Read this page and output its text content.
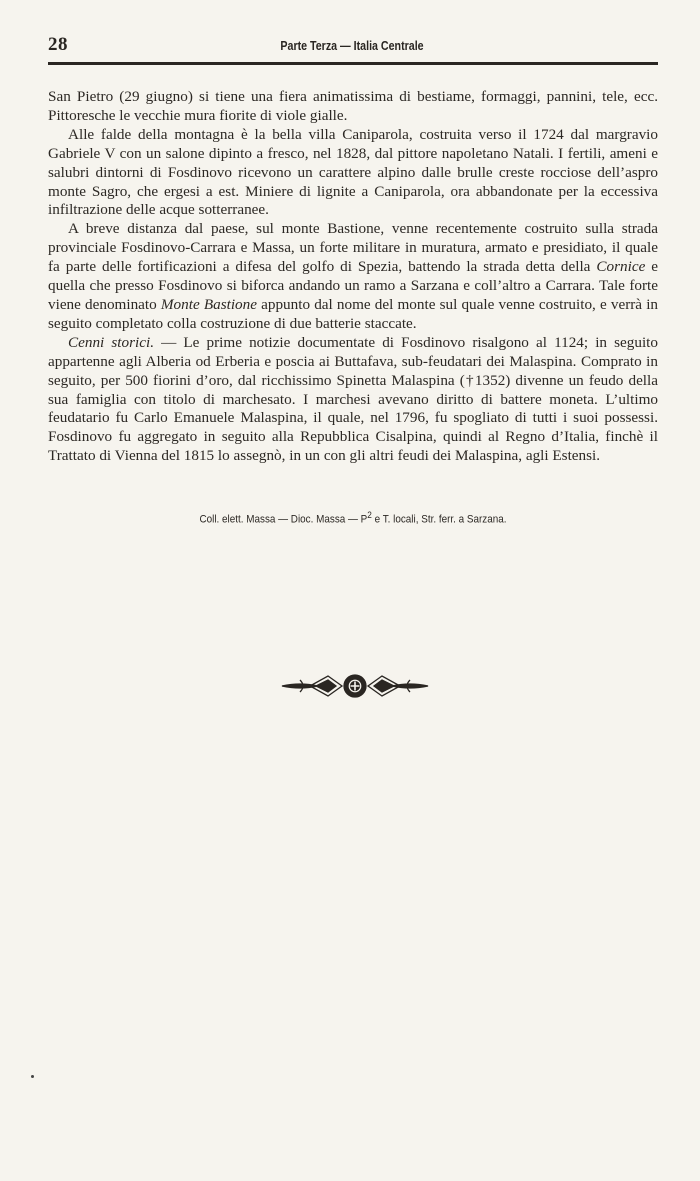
28	Parte Terza — Italia Centrale

San Pietro (29 giugno) si tiene una fiera animatissima di bestiame, formaggi, pannini, tele, ecc. Pittoresche le vecchie mura fiorite di viole gialle.

Alle falde della montagna è la bella villa Caniparola, costruita verso il 1724 dal margravio Gabriele V con un salone dipinto a fresco, nel 1828, dal pittore napoletano Natali. I fertili, ameni e salubri dintorni di Fosdinovo ricevono un carattere alpino dalle brulle creste rocciose dell’aspro monte Sagro, che ergesi a est. Miniere di lignite a Caniparola, ora abbandonate per la eccessiva infiltrazione delle acque sotterranee.

A breve distanza dal paese, sul monte Bastione, venne recentemente costruito sulla strada provinciale Fosdinovo-Carrara e Massa, un forte militare in muratura, armato e presidiato, il quale fa parte delle fortificazioni a difesa del golfo di Spezia, battendo la strada detta della Cornice e quella che presso Fosdinovo si biforca andando un ramo a Sarzana e coll’altro a Carrara. Tale forte viene denominato Monte Bastione appunto dal nome del monte sul quale venne costruito, e verrà in seguito completato colla costruzione di due batterie staccate.

Cenni storici. — Le prime notizie documentate di Fosdinovo risalgono al 1124; in seguito appartenne agli Alberia od Erberia e poscia ai Buttafava, sub-feudatari dei Malaspina. Comprato in seguito, per 500 fiorini d’oro, dal ricchissimo Spinetta Malaspina (†1352) divenne un feudo della sua famiglia con titolo di marchesato. I marchesi avevano diritto di battere moneta. L’ultimo feudatario fu Carlo Emanuele Malaspina, il quale, nel 1796, fu spogliato di tutti i suoi possessi. Fosdinovo fu aggregato in seguito alla Repubblica Cisalpina, quindi al Regno d’Italia, finchè il Trattato di Vienna del 1815 lo assegnò, in un con gli altri feudi dei Malaspina, agli Estensi.

Coll. elett. Massa — Dioc. Massa — $P^2$ e T. locali, Str. ferr. a Sarzana.
